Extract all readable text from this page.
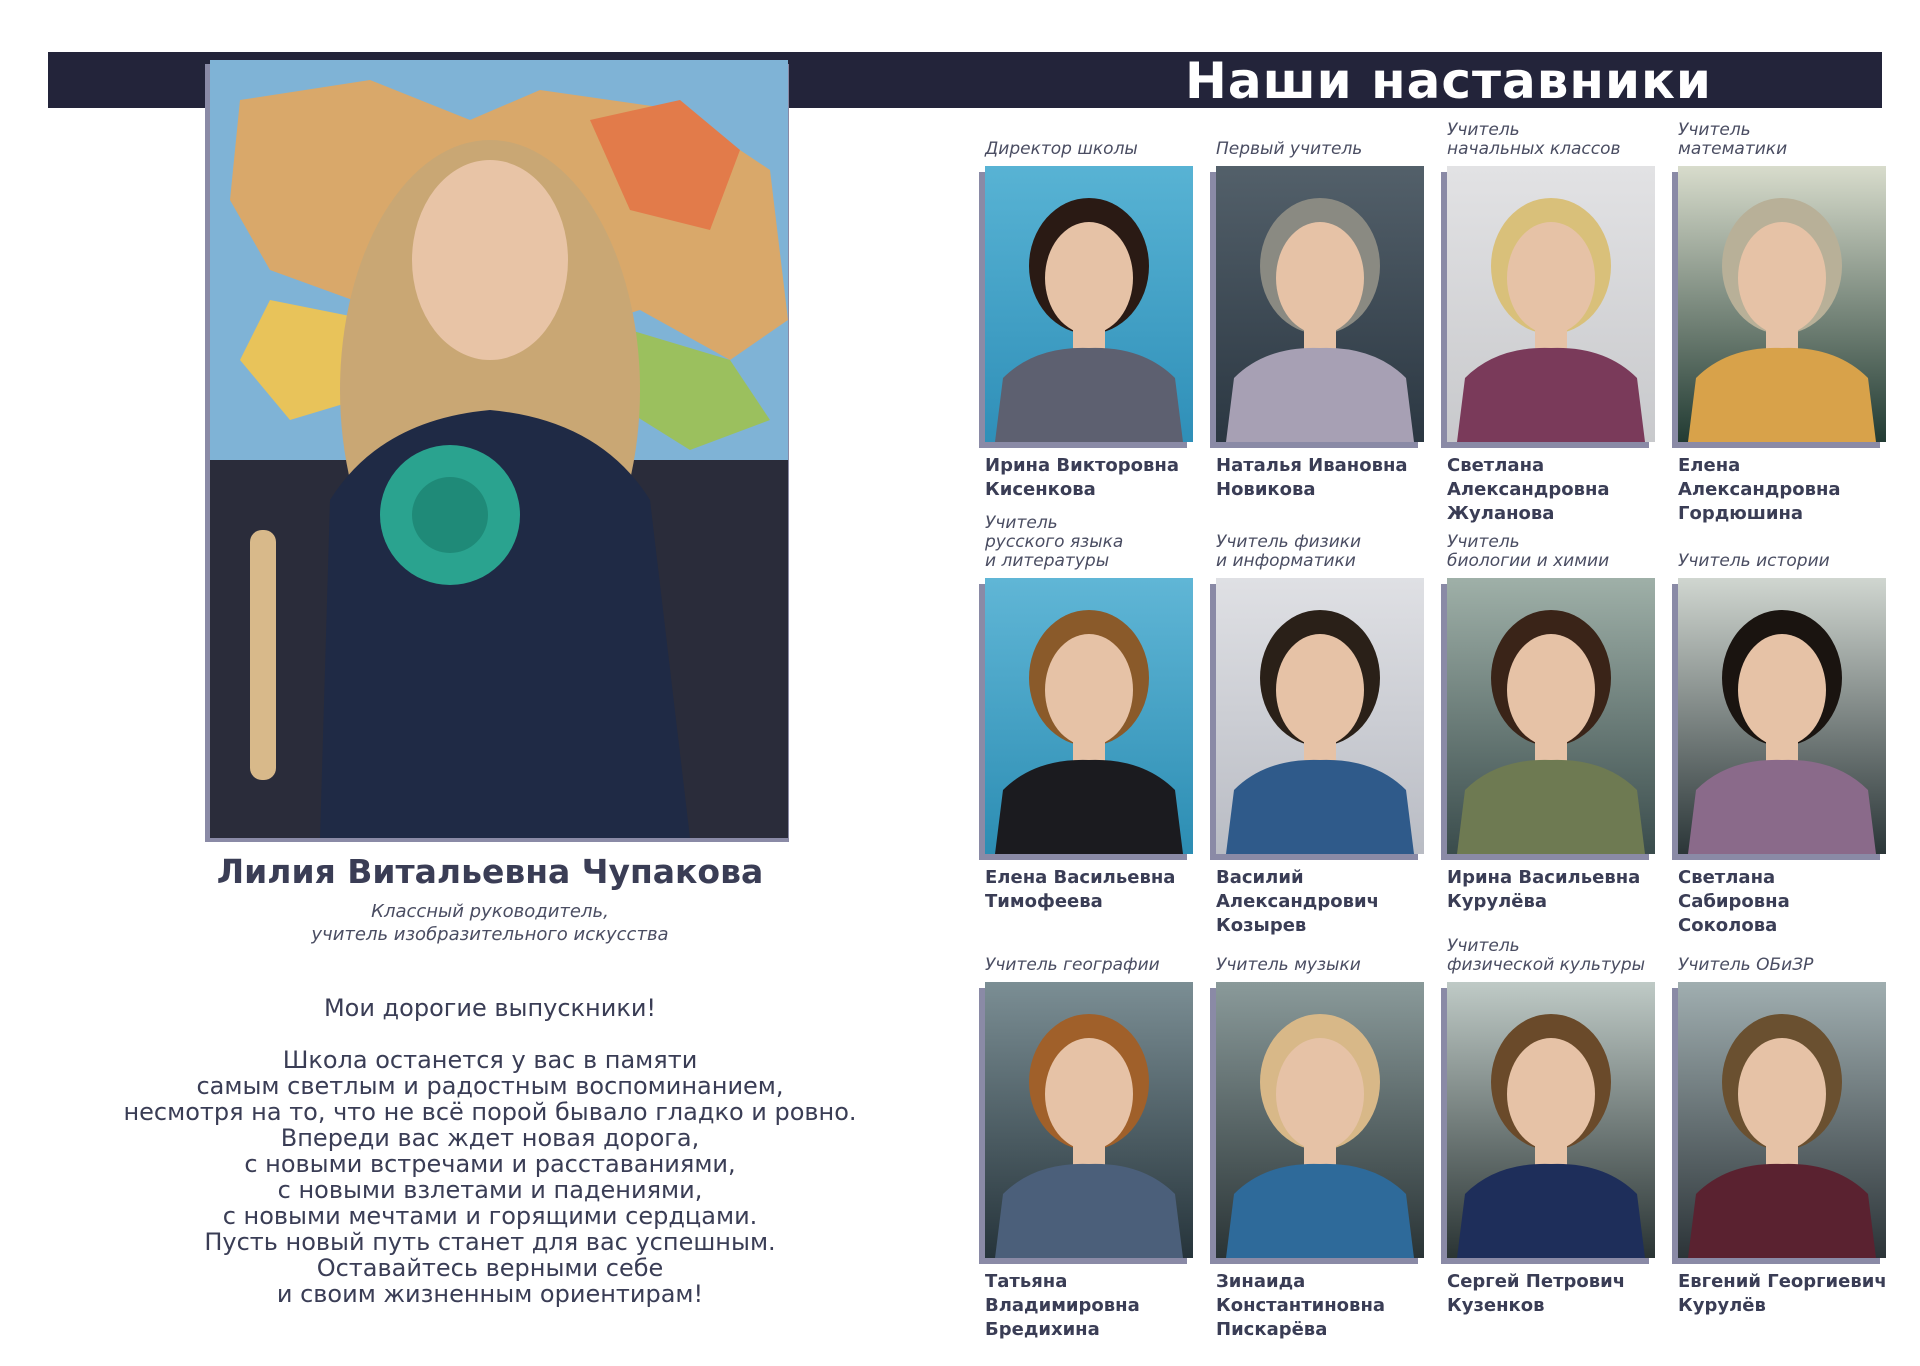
Наши наставники
Лилия Витальевна Чупакова
Классный руководитель,
учитель изобразительного искусства
Мои дорогие выпускники!
Школа останется у вас в памяти
самым светлым и радостным воспоминанием,
несмотря на то, что не всё порой бывало гладко и ровно.
Впереди вас ждет новая дорога,
с новыми встречами и расставаниями,
с новыми взлетами и падениями,
с новыми мечтами и горящими сердцами.
Пусть новый путь станет для вас успешным.
Оставайтесь верными себе
и своим жизненным ориентирам!
Директор школы
Ирина Викторовна
Кисенкова
Первый учитель
Наталья Ивановна
Новикова
Учитель
начальных классов
Светлана
Александровна
Жуланова
Учитель
математики
Елена
Александровна
Гордюшина
Учитель
русского языка
и литературы
Елена Васильевна
Тимофеева
Учитель физики
и информатики
Василий
Александрович
Козырев
Учитель
биологии и химии
Ирина Васильевна
Курулёва
Учитель истории
Светлана
Сабировна
Соколова
Учитель географии
Татьяна
Владимировна
Бредихина
Учитель музыки
Зинаида
Константиновна
Пискарёва
Учитель
физической культуры
Сергей Петрович
Кузенков
Учитель ОБиЗР
Евгений Георгиевич
Курулёв
